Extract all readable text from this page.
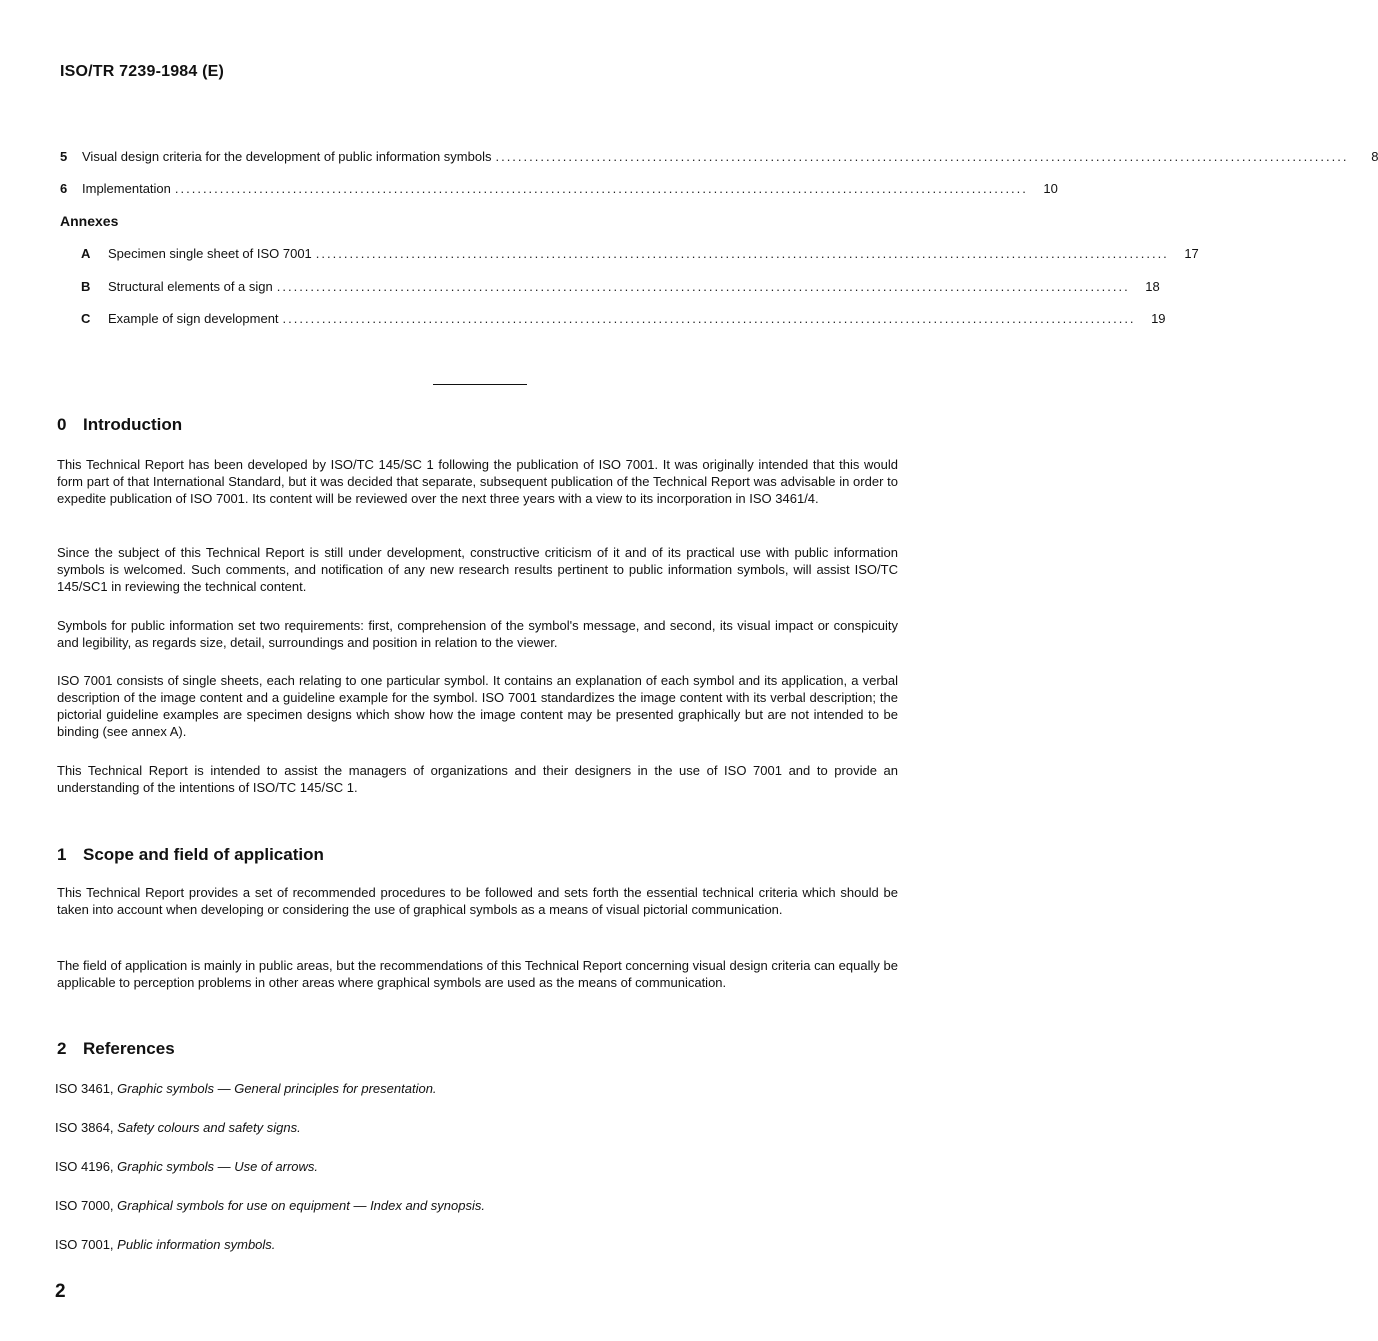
ISO/TR 7239-1984 (E)
5	Visual design criteria for the development of public information symbols ........................................................................................................................................................	8
6	Implementation ........................................................................................................................................................	10
Annexes
A	Specimen single sheet of ISO 7001 ........................................................................................................................................................	17
B	Structural elements of a sign ........................................................................................................................................................	18
C	Example of sign development ........................................................................................................................................................	19
0 Introduction

This Technical Report has been developed by ISO/TC 145/SC 1 following the publication of ISO 7001. It was originally intended that this would form part of that International Standard, but it was decided that separate, subsequent publication of the Technical Report was advisable in order to expedite publication of ISO 7001. Its content will be reviewed over the next three years with a view to its incorporation in ISO 3461/4.

Since the subject of this Technical Report is still under development, constructive criticism of it and of its practical use with public information symbols is welcomed. Such comments, and notification of any new research results pertinent to public information symbols, will assist ISO/TC 145/SC1 in reviewing the technical content.

Symbols for public information set two requirements: first, comprehension of the symbol's message, and second, its visual impact or conspicuity and legibility, as regards size, detail, surroundings and position in relation to the viewer.

ISO 7001 consists of single sheets, each relating to one particular symbol. It contains an explanation of each symbol and its application, a verbal description of the image content and a guideline example for the symbol. ISO 7001 standardizes the image content with its verbal description; the pictorial guideline examples are specimen designs which show how the image content may be presented graphically but are not intended to be binding (see annex A).

This Technical Report is intended to assist the managers of organizations and their designers in the use of ISO 7001 and to provide an understanding of the intentions of ISO/TC 145/SC 1.

1 Scope and field of application

This Technical Report provides a set of recommended procedures to be followed and sets forth the essential technical criteria which should be taken into account when developing or considering the use of graphical symbols as a means of visual pictorial communication.

The field of application is mainly in public areas, but the recommendations of this Technical Report concerning visual design criteria can equally be applicable to perception problems in other areas where graphical symbols are used as the means of communication.

2 References
ISO 3461, Graphic symbols — General principles for presentation.
ISO 3864, Safety colours and safety signs.
ISO 4196, Graphic symbols — Use of arrows.
ISO 7000, Graphical symbols for use on equipment — Index and synopsis.
ISO 7001, Public information symbols.
2
